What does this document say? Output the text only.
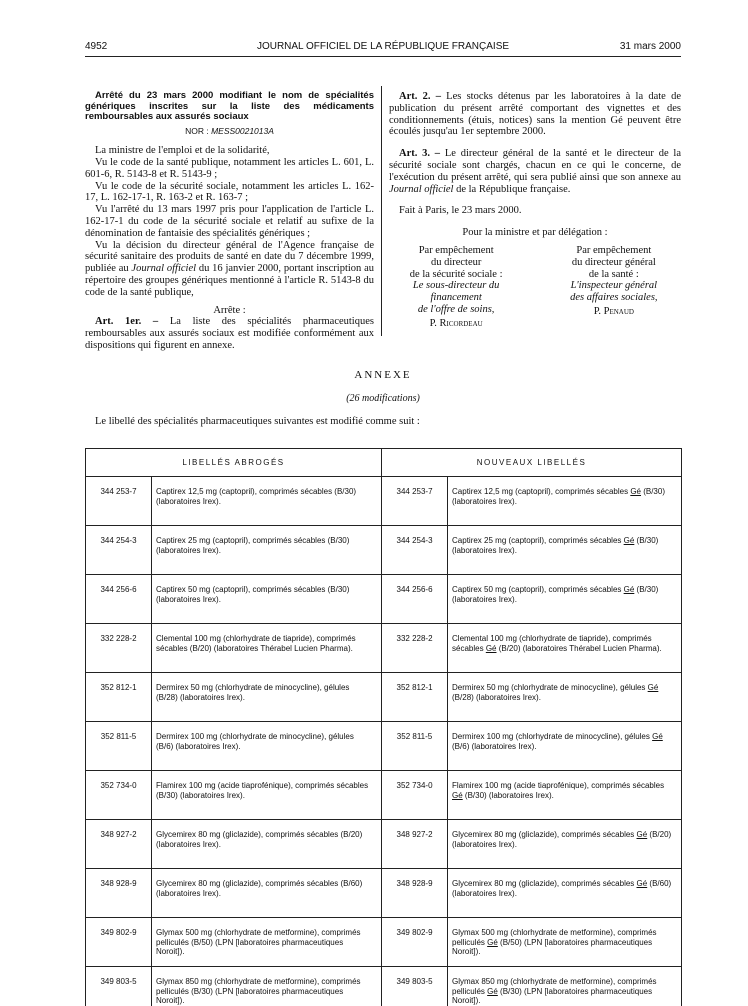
4952	JOURNAL OFFICIEL DE LA RÉPUBLIQUE FRANÇAISE	31 mars 2000

Arrêté du 23 mars 2000 modifiant le nom de spécialités génériques inscrites sur la liste des médicaments remboursables aux assurés sociaux

NOR : MESS0021013A

La ministre de l'emploi et de la solidarité,

Vu le code de la santé publique, notamment les articles L. 601, L. 601-6, R. 5143-8 et R. 5143-9 ;

Vu le code de la sécurité sociale, notamment les articles L. 162-17, L. 162-17-1, R. 163-2 et R. 163-7 ;

Vu l'arrêté du 13 mars 1997 pris pour l'application de l'article L. 162-17-1 du code de la sécurité sociale et relatif au sufixe de la dénomination de fantaisie des spécialités génériques ;

Vu la décision du directeur général de l'Agence française de sécurité sanitaire des produits de santé en date du 7 décembre 1999, publiée au Journal officiel du 16 janvier 2000, portant inscription au répertoire des groupes génériques mentionné à l'article R. 5143-8 du code de la santé publique,

Arrête :

Art. 1er. – La liste des spécialités pharmaceutiques remboursables aux assurés sociaux est modifiée conformément aux dispositions qui figurent en annexe.

Art. 2. – Les stocks détenus par les laboratoires à la date de publication du présent arrêté comportant des vignettes et des conditionnements (étuis, notices) sans la mention Gé peuvent être écoulés jusqu'au 1er septembre 2000.

Art. 3. – Le directeur général de la santé et le directeur de la sécurité sociale sont chargés, chacun en ce qui le concerne, de l'exécution du présent arrêté, qui sera publié ainsi que son annexe au Journal officiel de la République française.

Fait à Paris, le 23 mars 2000.

Pour la ministre et par délégation :

Par empêchement
du directeur
de la sécurité sociale :
Le sous-directeur du financement
de l'offre de soins,
P. Ricordeau
Par empêchement
du directeur général
de la santé :
L'inspecteur général
des affaires sociales,
P. Penaud
ANNEXE
(26 modifications)
Le libellé des spécialités pharmaceutiques suivantes est modifié comme suit :
LIBELLÉS ABROGÉS		NOUVEAUX LIBELLÉS	
344 253-7	Captirex 12,5 mg (captopril), comprimés sécables (B/30) (laboratoires Irex).	344 253-7	Captirex 12,5 mg (captopril), comprimés sécables Gé (B/30) (laboratoires Irex).
344 254-3	Captirex 25 mg (captopril), comprimés sécables (B/30) (laboratoires Irex).	344 254-3	Captirex 25 mg (captopril), comprimés sécables Gé (B/30) (laboratoires Irex).
344 256-6	Captirex 50 mg (captopril), comprimés sécables (B/30) (laboratoires Irex).	344 256-6	Captirex 50 mg (captopril), comprimés sécables Gé (B/30) (laboratoires Irex).
332 228-2	Clemental 100 mg (chlorhydrate de tiapride), comprimés sécables (B/20) (laboratoires Thérabel Lucien Pharma).	332 228-2	Clemental 100 mg (chlorhydrate de tiapride), comprimés sécables Gé (B/20) (laboratoires Thérabel Lucien Pharma).
352 812-1	Dermirex 50 mg (chlorhydrate de minocycline), gélules (B/28) (laboratoires Irex).	352 812-1	Dermirex 50 mg (chlorhydrate de minocycline), gélules Gé (B/28) (laboratoires Irex).
352 811-5	Dermirex 100 mg (chlorhydrate de minocycline), gélules (B/6) (laboratoires Irex).	352 811-5	Dermirex 100 mg (chlorhydrate de minocycline), gélules Gé (B/6) (laboratoires Irex).
352 734-0	Flamirex 100 mg (acide tiaprofénique), comprimés sécables (B/30) (laboratoires Irex).	352 734-0	Flamirex 100 mg (acide tiaprofénique), comprimés sécables Gé (B/30) (laboratoires Irex).
348 927-2	Glycemirex 80 mg (gliclazide), comprimés sécables (B/20) (laboratoires Irex).	348 927-2	Glycemirex 80 mg (gliclazide), comprimés sécables Gé (B/20) (laboratoires Irex).
348 928-9	Glycemirex 80 mg (gliclazide), comprimés sécables (B/60) (laboratoires Irex).	348 928-9	Glycemirex 80 mg (gliclazide), comprimés sécables Gé (B/60) (laboratoires Irex).
349 802-9	Glymax 500 mg (chlorhydrate de metformine), comprimés pelliculés (B/50) (LPN [laboratoires pharmaceutiques Noroit]).	349 802-9	Glymax 500 mg (chlorhydrate de metformine), comprimés pelliculés Gé (B/50) (LPN [laboratoires pharmaceutiques Noroit]).
349 803-5	Glymax 850 mg (chlorhydrate de metformine), comprimés pelliculés (B/30) (LPN [laboratoires pharmaceutiques Noroit]).	349 803-5	Glymax 850 mg (chlorhydrate de metformine), comprimés pelliculés Gé (B/30) (LPN [laboratoires pharmaceutiques Noroit]).
